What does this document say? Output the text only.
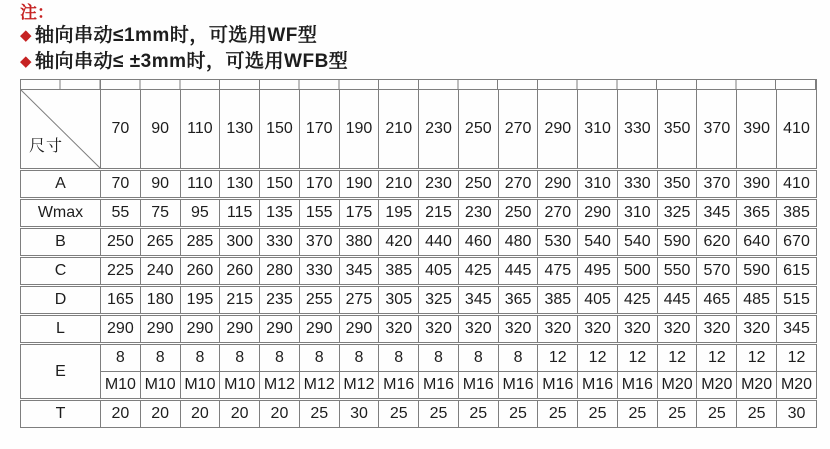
注：
◆ 轴向串动≤1mm时，可选用WF型
◆ 轴向串动≤ ±3mm时，可选用WFB型
尺寸	70	90	110	130	150	170	190	210	230	250	270	290	310	330	350	370	390	410
A	70	90	110	130	150	170	190	210	230	250	270	290	310	330	350	370	390	410
Wmax	55	75	95	115	135	155	175	195	215	230	250	270	290	310	325	345	365	385
B	250	265	285	300	330	370	380	420	440	460	480	530	540	540	590	620	640	670
C	225	240	260	260	280	330	345	385	405	425	445	475	495	500	550	570	590	615
D	165	180	195	215	235	255	275	305	325	345	365	385	405	425	445	465	485	515
L	290	290	290	290	290	290	290	320	320	320	320	320	320	320	320	320	320	345
E	8	8	8	8	8	8	8	8	8	8	8	12	12	12	12	12	12	12
	M10	M10	M10	M10	M12	M12	M12	M16	M16	M16	M16	M16	M16	M16	M20	M20	M20	M20
T	20	20	20	20	20	25	30	25	25	25	25	25	25	25	25	25	25	30
